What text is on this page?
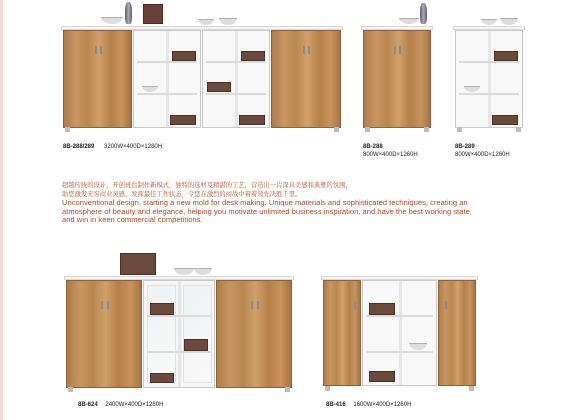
8B-288/289 3200W×400D×1280H	8B-288
800W×400D×1260H
8B-289
800W×400D×1260H
超越传统的设计，开创班台制作新模式，独特的选材及精湛的工艺，营造出一片深具美感和典雅的氛围，
助您激发无穷商业灵感，发挥最佳工作状态，令您在激烈的商战中着着领先决胜千里。
Unconventional design, starting a new mold for desk making. Unique materials and sophisticated techniques, creating an atmosphere of beauty and elegance, helping you motivate unlimited business inspiration, and have the best working state, and win in keen commercial competitions.
8B-624 2400W×400D×1280H	8B-416 1600W×400D×1260H
